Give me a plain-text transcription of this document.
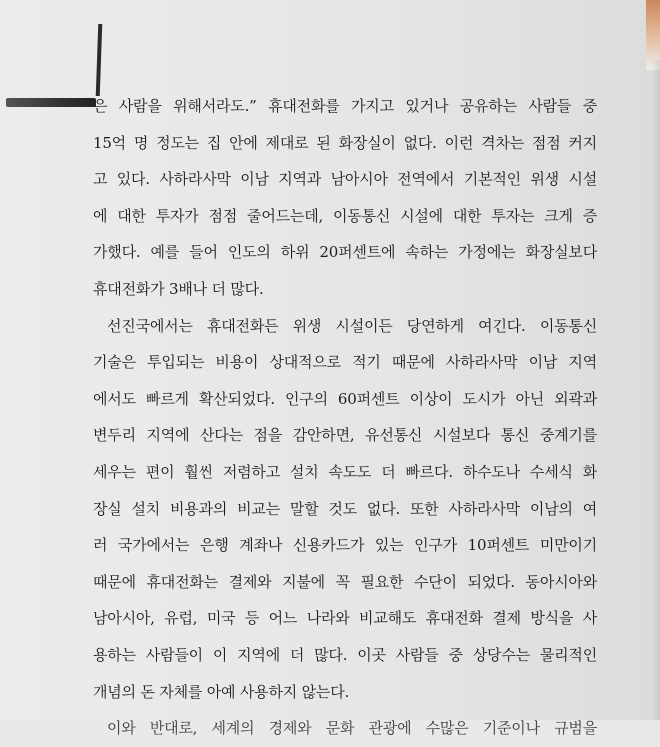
은 사람을 위해서라도.” 휴대전화를 가지고 있거나 공유하는 사람들 중
15억 명 정도는 집 안에 제대로 된 화장실이 없다. 이런 격차는 점점 커지
고 있다. 사하라사막 이남 지역과 남아시아 전역에서 기본적인 위생 시설
에 대한 투자가 점점 줄어드는데, 이동통신 시설에 대한 투자는 크게 증
가했다. 예를 들어 인도의 하위 20퍼센트에 속하는 가정에는 화장실보다
휴대전화가 3배나 더 많다.
선진국에서는 휴대전화든 위생 시설이든 당연하게 여긴다. 이동통신
기술은 투입되는 비용이 상대적으로 적기 때문에 사하라사막 이남 지역
에서도 빠르게 확산되었다. 인구의 60퍼센트 이상이 도시가 아닌 외곽과
변두리 지역에 산다는 점을 감안하면, 유선통신 시설보다 통신 중계기를
세우는 편이 훨씬 저렴하고 설치 속도도 더 빠르다. 하수도나 수세식 화
장실 설치 비용과의 비교는 말할 것도 없다. 또한 사하라사막 이남의 여
러 국가에서는 은행 계좌나 신용카드가 있는 인구가 10퍼센트 미만이기
때문에 휴대전화는 결제와 지불에 꼭 필요한 수단이 되었다. 동아시아와
남아시아, 유럽, 미국 등 어느 나라와 비교해도 휴대전화 결제 방식을 사
용하는 사람들이 이 지역에 더 많다. 이곳 사람들 중 상당수는 물리적인
개념의 돈 자체를 아예 사용하지 않는다.
이와 반대로, 세계의 경제와 문화 관광에 수많은 기준이나 규범을
